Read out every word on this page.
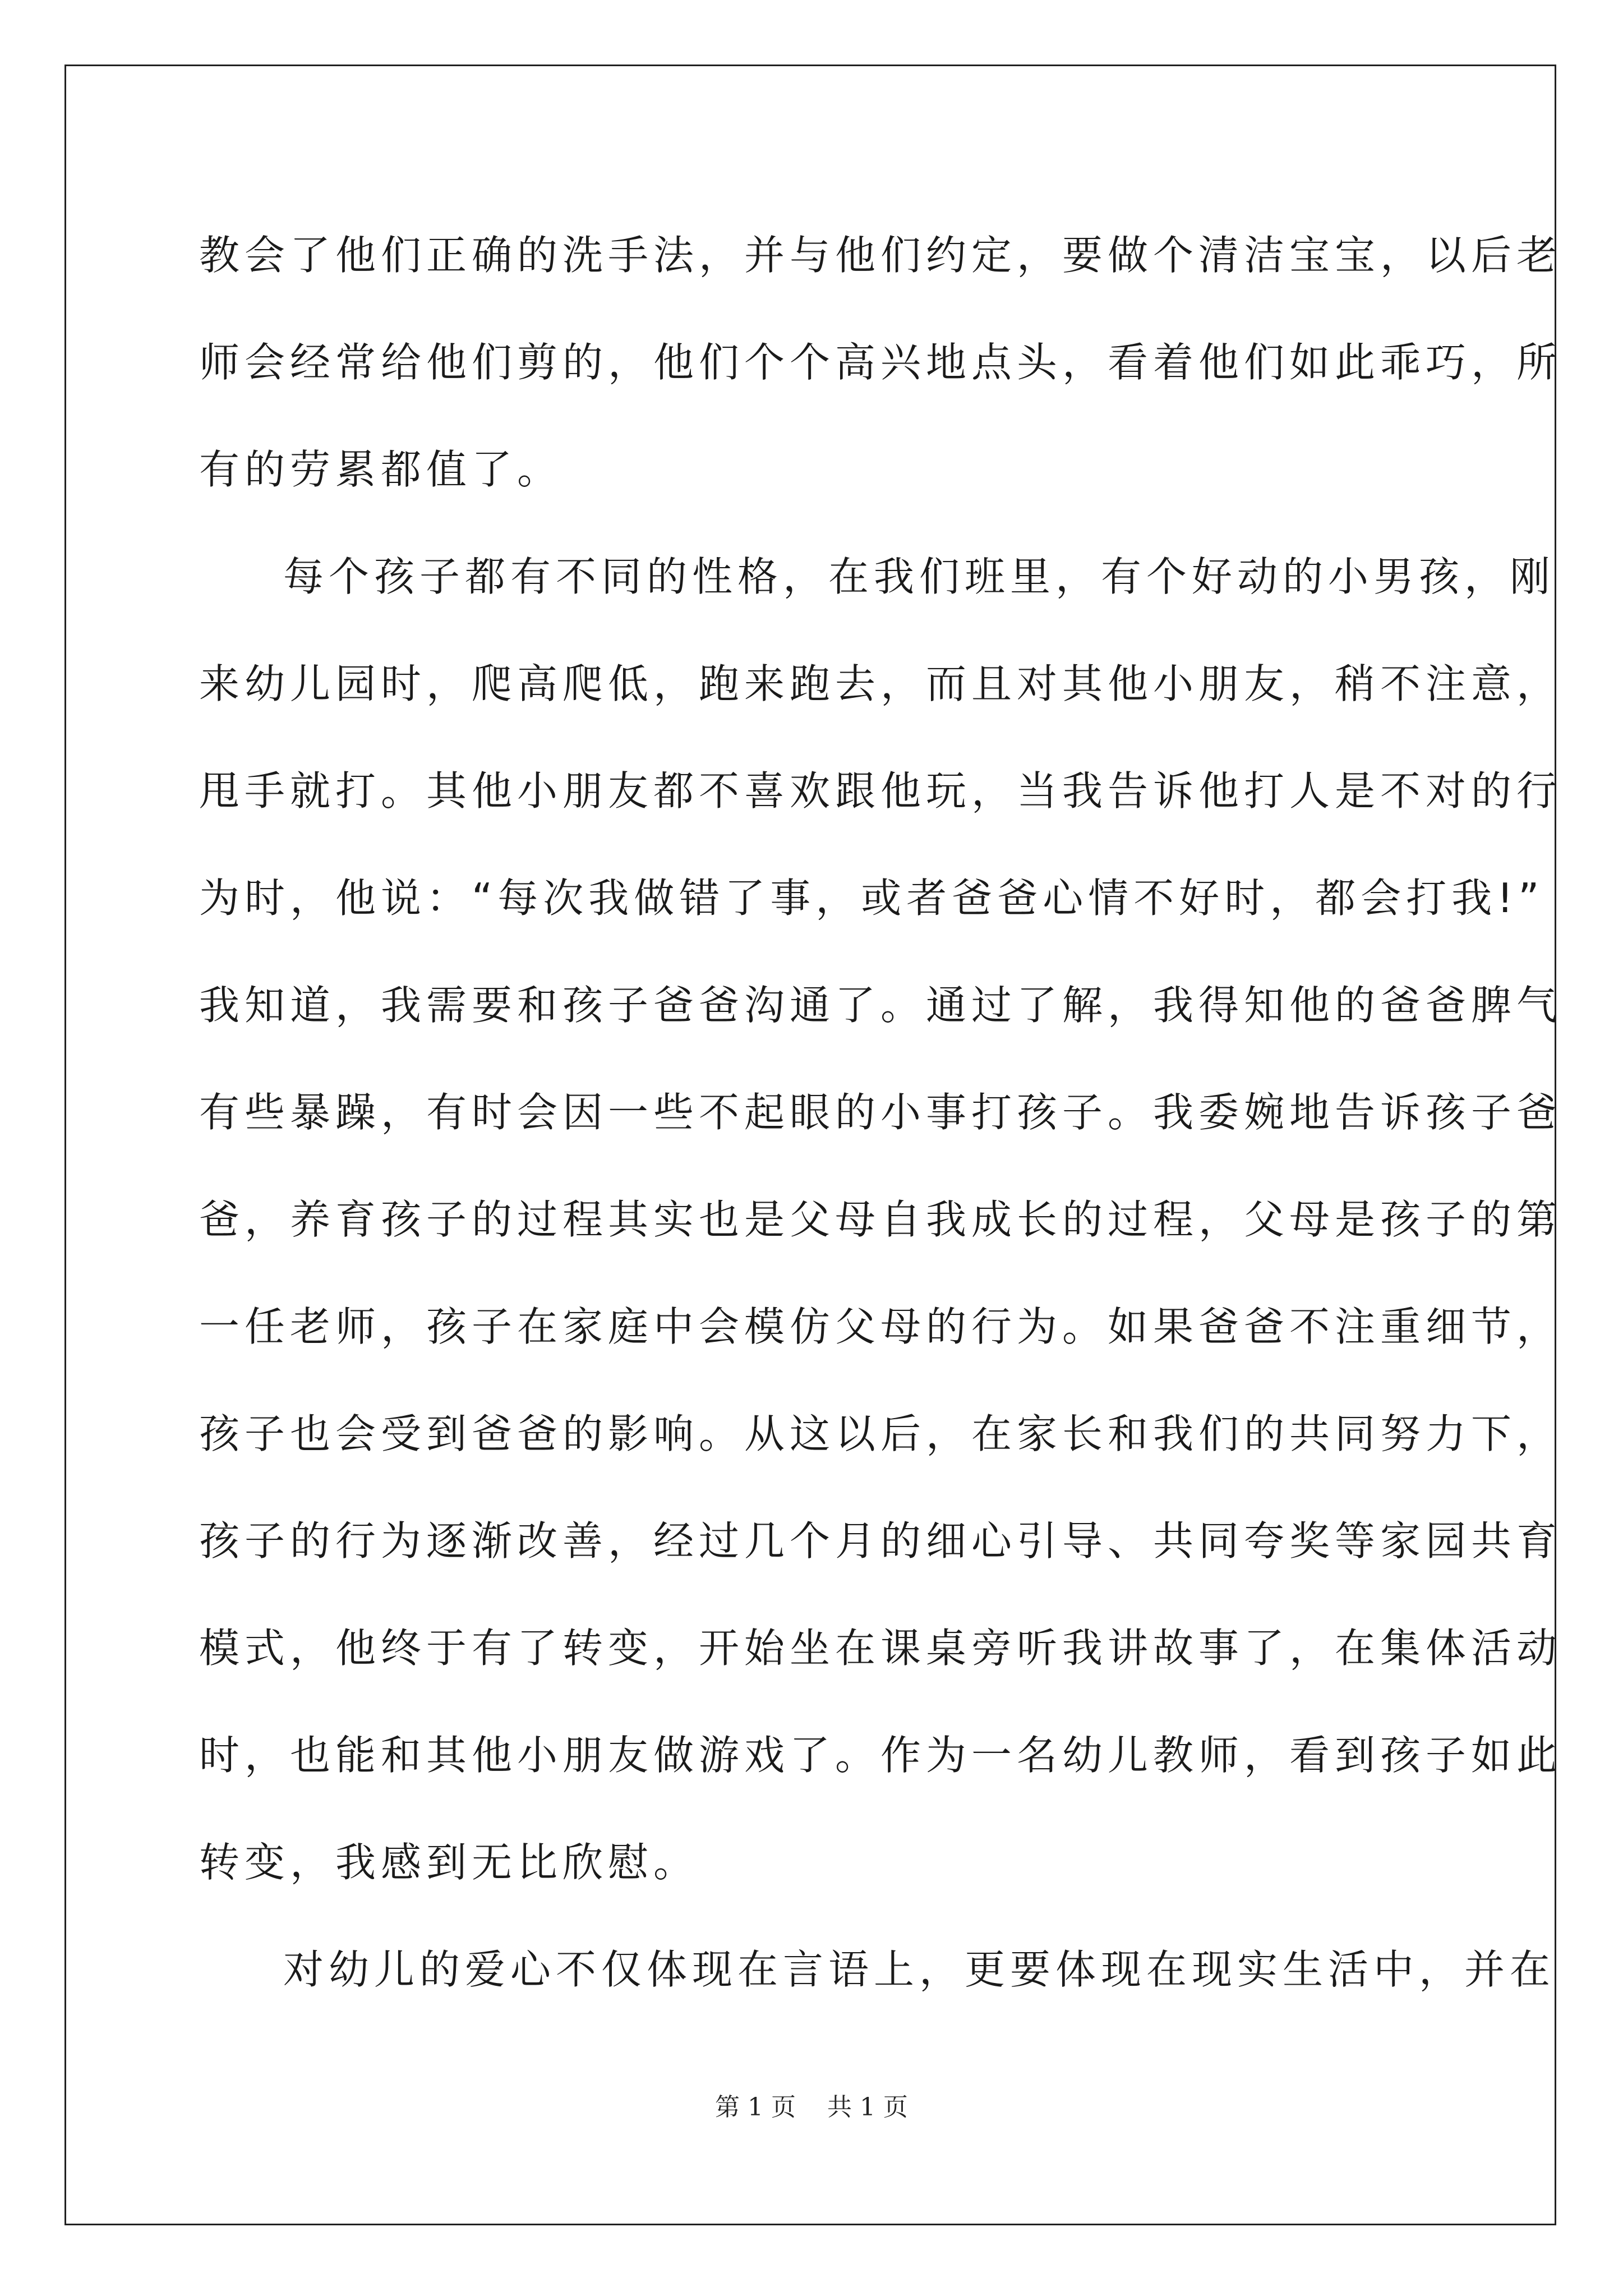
教会了他们正确的洗手法，并与他们约定，要做个清洁宝宝，以后老
师会经常给他们剪的，他们个个高兴地点头，看着他们如此乖巧，所
有的劳累都值了。
每个孩子都有不同的性格，在我们班里，有个好动的小男孩，刚
来幼儿园时，爬高爬低，跑来跑去，而且对其他小朋友，稍不注意，
甩手就打。其他小朋友都不喜欢跟他玩，当我告诉他打人是不对的行
为时，他说：“每次我做错了事，或者爸爸心情不好时，都会打我!”
我知道，我需要和孩子爸爸沟通了。通过了解，我得知他的爸爸脾气
有些暴躁，有时会因一些不起眼的小事打孩子。我委婉地告诉孩子爸
爸，养育孩子的过程其实也是父母自我成长的过程，父母是孩子的第
一任老师，孩子在家庭中会模仿父母的行为。如果爸爸不注重细节，
孩子也会受到爸爸的影响。从这以后，在家长和我们的共同努力下，
孩子的行为逐渐改善，经过几个月的细心引导、共同夸奖等家园共育
模式，他终于有了转变，开始坐在课桌旁听我讲故事了，在集体活动
时，也能和其他小朋友做游戏了。作为一名幼儿教师，看到孩子如此
转变，我感到无比欣慰。
对幼儿的爱心不仅体现在言语上，更要体现在现实生活中，并在
第 1 页    共 1 页
